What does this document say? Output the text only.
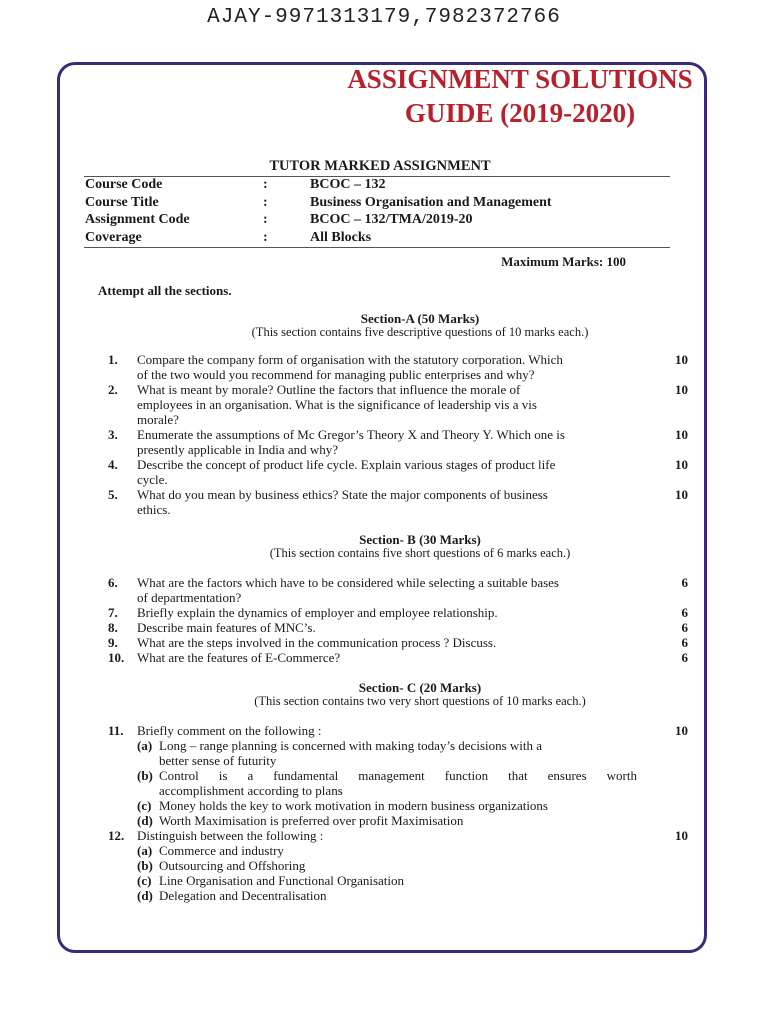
AJAY-9971313179,7982372766
ASSIGNMENT SOLUTIONS
GUIDE (2019-2020)
TUTOR MARKED ASSIGNMENT
Course Code	:	BCOC – 132
Course Title	:	Business Organisation and Management
Assignment Code	:	BCOC – 132/TMA/2019-20
Coverage	:	All Blocks
Maximum Marks: 100
Attempt all the sections.
Section-A (50 Marks)
(This section contains five descriptive questions of 10 marks each.)
1. Compare the company form of organisation with the statutory corporation. Which
of the two would you recommend for managing public enterprises and why?
10
2. What is meant by morale? Outline the factors that influence the morale of
employees in an organisation. What is the significance of leadership vis a vis
morale?
10
3. Enumerate the assumptions of Mc Gregor’s Theory X and Theory Y. Which one is
presently applicable in India and why?
10
4. Describe the concept of product life cycle. Explain various stages of product life
cycle.
10
5. What do you mean by business ethics? State the major components of business
ethics.
10
Section- B (30 Marks)
(This section contains five short questions of 6 marks each.)
6. What are the factors which have to be considered while selecting a suitable bases
of departmentation?
6
7. Briefly explain the dynamics of employer and employee relationship.	6
8. Describe main features of MNC’s.	6
9. What are the steps involved in the communication process ? Discuss.	6
10. What are the features of E-Commerce?	6
Section- C (20 Marks)
(This section contains two very short questions of 10 marks each.)
11. Briefly comment on the following :	10
(a) Long – range planning is concerned with making today’s decisions with a
better sense of futurity
(b) Control is a fundamental management function that ensures worth
accomplishment according to plans
(c) Money holds the key to work motivation in modern business organizations
(d) Worth Maximisation is preferred over profit Maximisation
12. Distinguish between the following :	10
(a) Commerce and industry
(b) Outsourcing and Offshoring
(c) Line Organisation and Functional Organisation
(d) Delegation and Decentralisation
